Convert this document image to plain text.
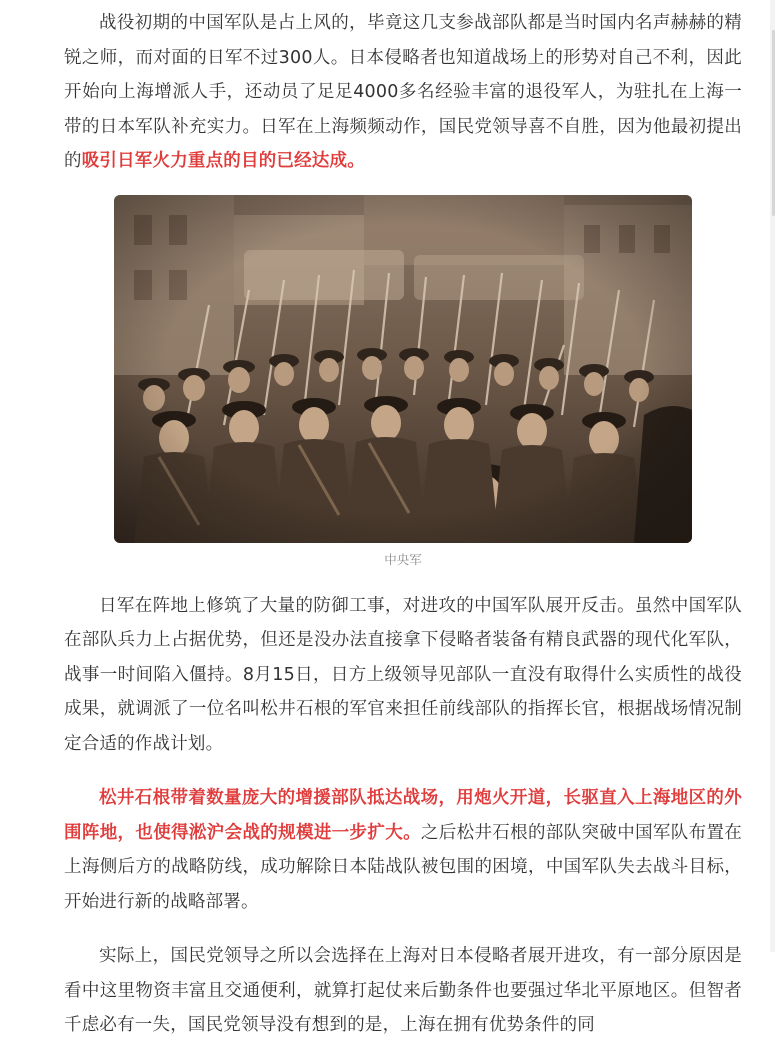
战役初期的中国军队是占上风的，毕竟这几支参战部队都是当时国内名声赫赫的精锐之师，而对面的日军不过300人。日本侵略者也知道战场上的形势对自己不利，因此开始向上海增派人手，还动员了足足4000多名经验丰富的退役军人，为驻扎在上海一带的日本军队补充实力。日军在上海频频动作，国民党领导喜不自胜，因为他最初提出的吸引日军火力重点的目的已经达成。

中央军

日军在阵地上修筑了大量的防御工事，对进攻的中国军队展开反击。虽然中国军队在部队兵力上占据优势，但还是没办法直接拿下侵略者装备有精良武器的现代化军队，战事一时间陷入僵持。8月15日，日方上级领导见部队一直没有取得什么实质性的战役成果，就调派了一位名叫松井石根的军官来担任前线部队的指挥长官，根据战场情况制定合适的作战计划。

松井石根带着数量庞大的增援部队抵达战场，用炮火开道，长驱直入上海地区的外围阵地，也使得淞沪会战的规模进一步扩大。之后松井石根的部队突破中国军队布置在上海侧后方的战略防线，成功解除日本陆战队被包围的困境，中国军队失去战斗目标，开始进行新的战略部署。

实际上，国民党领导之所以会选择在上海对日本侵略者展开进攻，有一部分原因是看中这里物资丰富且交通便利，就算打起仗来后勤条件也要强过华北平原地区。但智者千虑必有一失，国民党领导没有想到的是，上海在拥有优势条件的同
